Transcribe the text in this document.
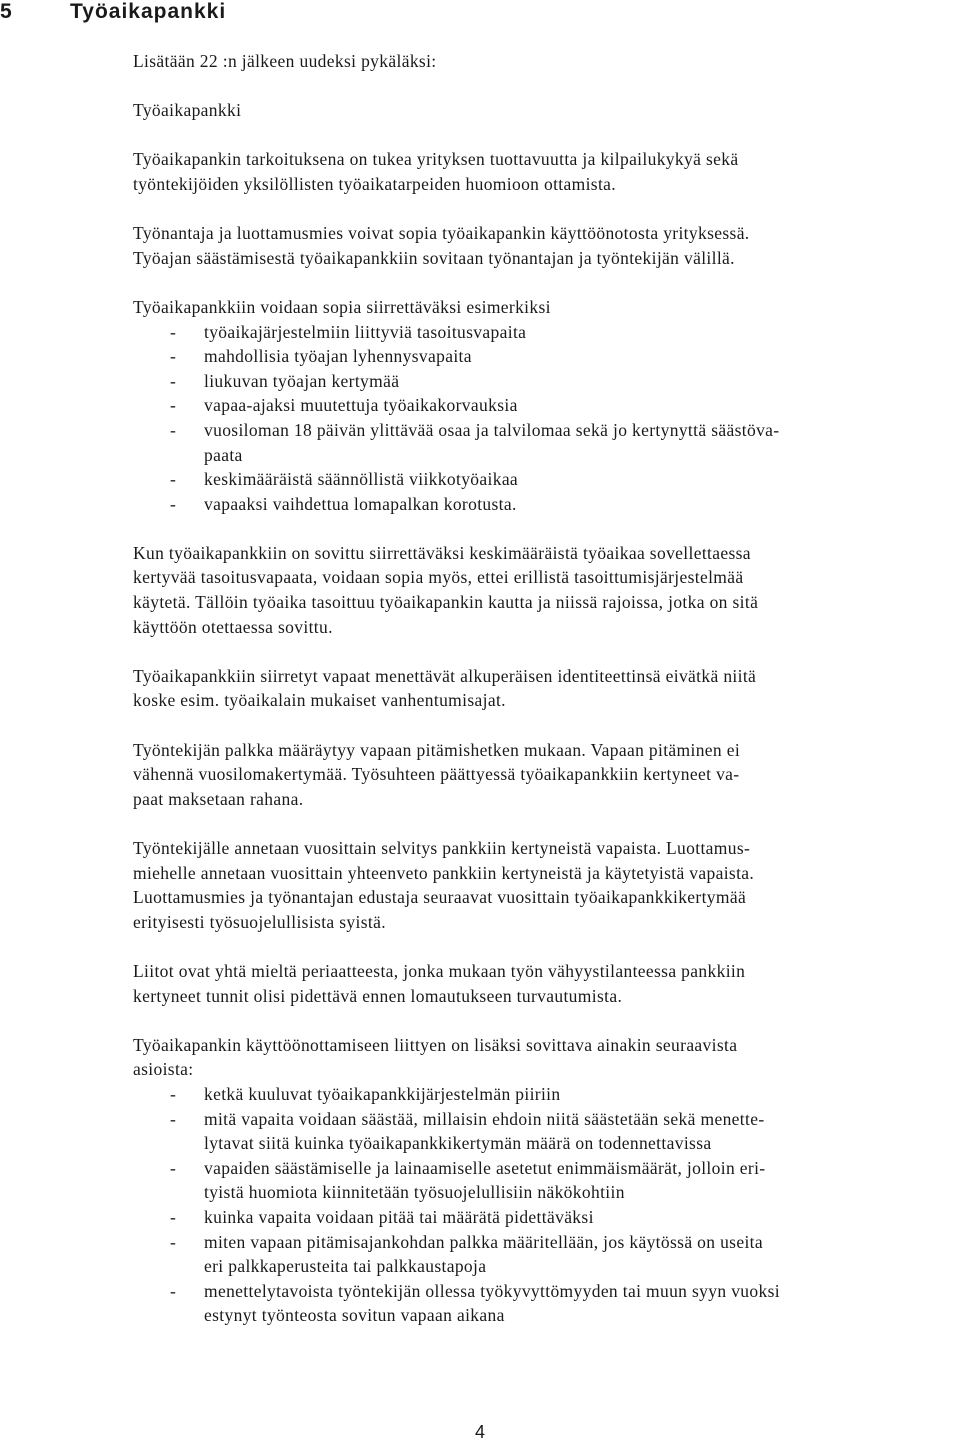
5	Työaikapankki

Lisätään 22 :n jälkeen uudeksi pykäläksi:

Työaikapankki

Työaikapankin tarkoituksena on tukea yrityksen tuottavuutta ja kilpailukykyä sekä
työntekijöiden yksilöllisten työaikatarpeiden huomioon ottamista.

Työnantaja ja luottamusmies voivat sopia työaikapankin käyttöönotosta yrityksessä.
Työajan säästämisestä työaikapankkiin sovitaan työnantajan ja työntekijän välillä.

Työaikapankkiin voidaan sopia siirrettäväksi esimerkiksi
- työaikajärjestelmiin liittyviä tasoitusvapaita
- mahdollisia työajan lyhennysvapaita
- liukuvan työajan kertymää
- vapaa-ajaksi muutettuja työaikakorvauksia
- vuosiloman 18 päivän ylittävää osaa ja talvilomaa sekä jo kertynyttä säästöva-
paata
- keskimääräistä säännöllistä viikkotyöaikaa
- vapaaksi vaihdettua lomapalkan korotusta.

Kun työaikapankkiin on sovittu siirrettäväksi keskimääräistä työaikaa sovellettaessa
kertyvää tasoitusvapaata, voidaan sopia myös, ettei erillistä tasoittumisjärjestelmää
käytetä. Tällöin työaika tasoittuu työaikapankin kautta ja niissä rajoissa, jotka on sitä
käyttöön otettaessa sovittu.

Työaikapankkiin siirretyt vapaat menettävät alkuperäisen identiteettinsä eivätkä niitä
koske esim. työaikalain mukaiset vanhentumisajat.

Työntekijän palkka määräytyy vapaan pitämishetken mukaan. Vapaan pitäminen ei
vähennä vuosilomakertymää. Työsuhteen päättyessä työaikapankkiin kertyneet va-
paat maksetaan rahana.

Työntekijälle annetaan vuosittain selvitys pankkiin kertyneistä vapaista. Luottamus-
miehelle annetaan vuosittain yhteenveto pankkiin kertyneistä ja käytetyistä vapaista.
Luottamusmies ja työnantajan edustaja seuraavat vuosittain työaikapankkikertymää
erityisesti työsuojelullisista syistä.

Liitot ovat yhtä mieltä periaatteesta, jonka mukaan työn vähyystilanteessa pankkiin
kertyneet tunnit olisi pidettävä ennen lomautukseen turvautumista.

Työaikapankin käyttöönottamiseen liittyen on lisäksi sovittava ainakin seuraavista
asioista:
- ketkä kuuluvat työaikapankkijärjestelmän piiriin
- mitä vapaita voidaan säästää, millaisin ehdoin niitä säästetään sekä menette-
lytavat siitä kuinka työaikapankkikertymän määrä on todennettavissa
- vapaiden säästämiselle ja lainaamiselle asetetut enimmäismäärät, jolloin eri-
tyistä huomiota kiinnitetään työsuojelullisiin näkökohtiin
- kuinka vapaita voidaan pitää tai määrätä pidettäväksi
- miten vapaan pitämisajankohdan palkka määritellään, jos käytössä on useita
eri palkkaperusteita tai palkkaustapoja
- menettelytavoista työntekijän ollessa työkyvyttömyyden tai muun syyn vuoksi
estynyt työnteosta sovitun vapaan aikana
4
